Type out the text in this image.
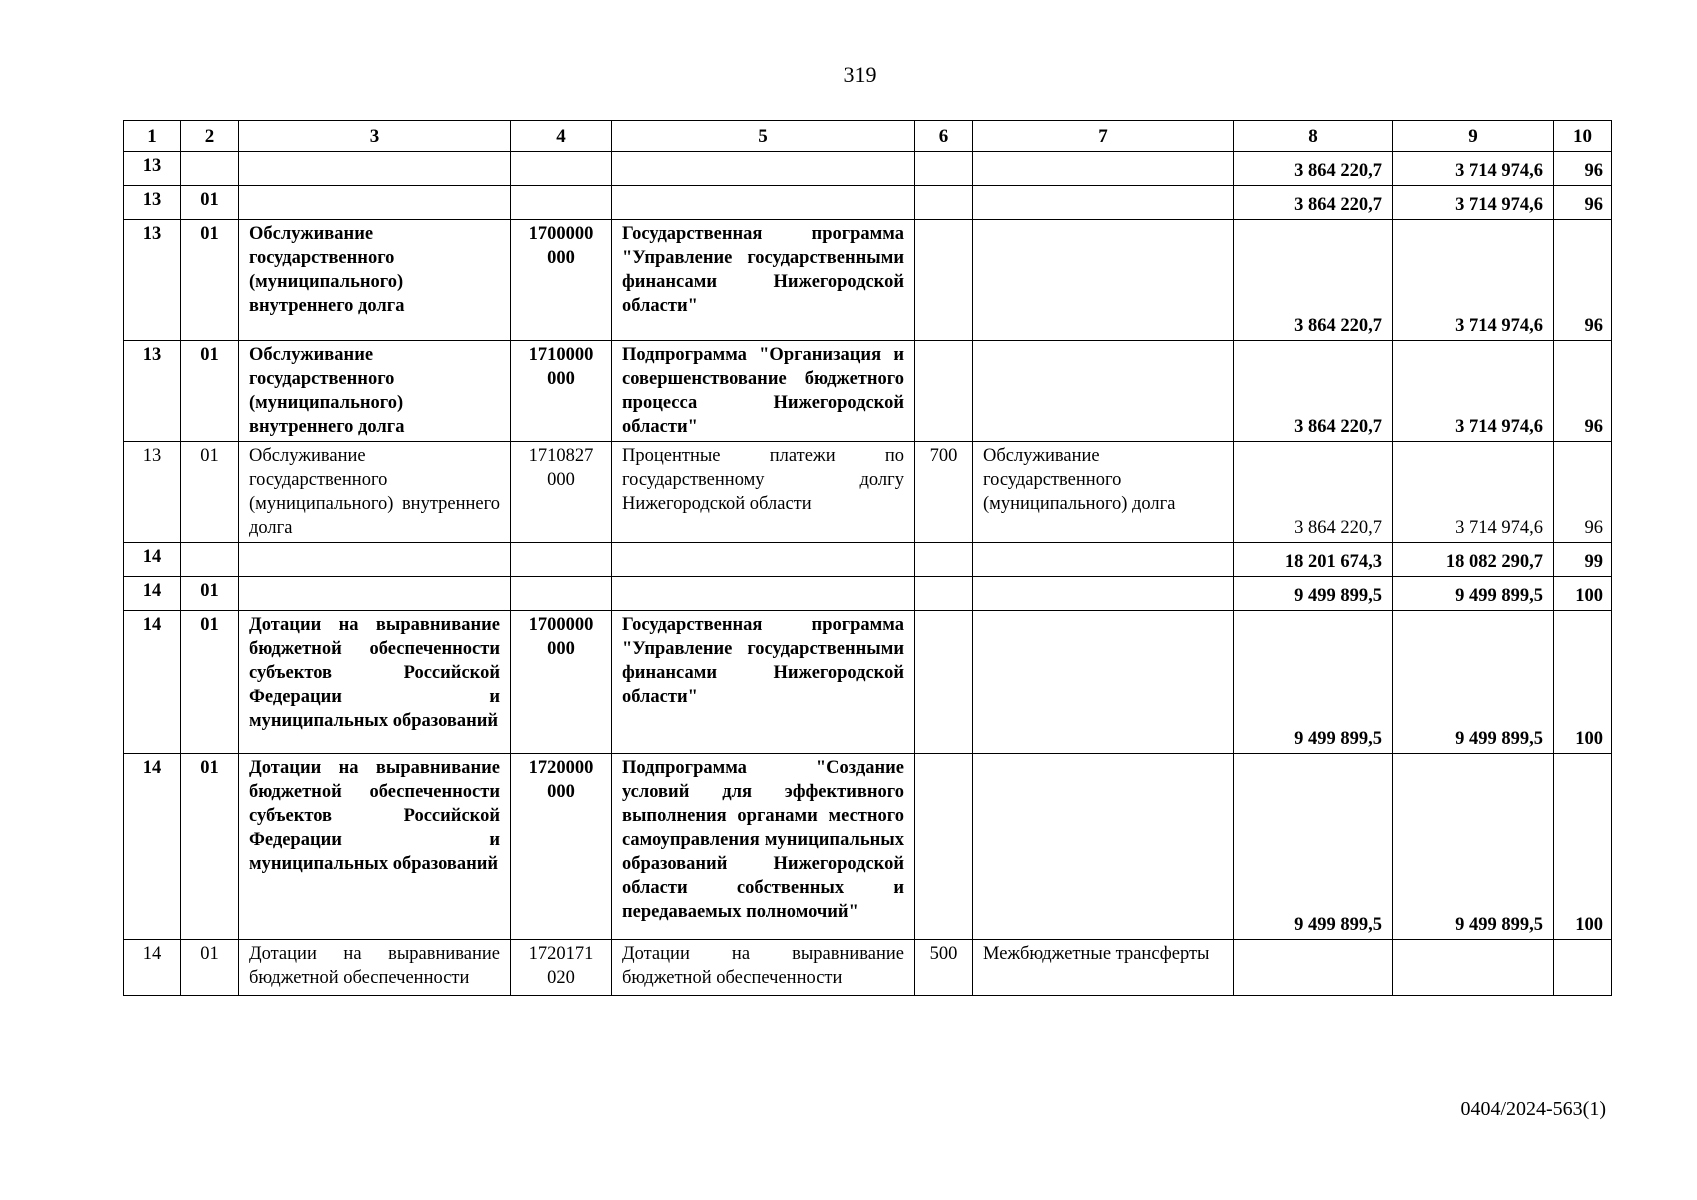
319
1	2	3	4	5	6	7	8	9	10
13							3 864 220,7	3 714 974,6	96
13	01						3 864 220,7	3 714 974,6	96
13	01	Обслуживание государственного (муниципального) внутреннего долга	1700000 000	Государственная программа "Управление государственными финансами Нижегородской области"			3 864 220,7	3 714 974,6	96
13	01	Обслуживание государственного (муниципального) внутреннего долга	1710000 000	Подпрограмма "Организация и совершенствование бюджетного процесса Нижегородской области"			3 864 220,7	3 714 974,6	96
13	01	Обслуживание государственного (муниципального) внутреннего долга	1710827 000	Процентные платежи по государственному долгу Нижегородской области	700	Обслуживание государственного (муниципального) долга	3 864 220,7	3 714 974,6	96
14							18 201 674,3	18 082 290,7	99
14	01						9 499 899,5	9 499 899,5	100
14	01	Дотации на выравнивание бюджетной обеспеченности субъектов Российской Федерации и муниципальных образований	1700000 000	Государственная программа "Управление государственными финансами Нижегородской области"			9 499 899,5	9 499 899,5	100
14	01	Дотации на выравнивание бюджетной обеспеченности субъектов Российской Федерации и муниципальных образований	1720000 000	Подпрограмма "Создание условий для эффективного выполнения органами местного самоуправления муниципальных образований Нижегородской области собственных и передаваемых полномочий"			9 499 899,5	9 499 899,5	100
14	01	Дотации на выравнивание бюджетной обеспеченности	1720171 020	Дотации на выравнивание бюджетной обеспеченности	500	Межбюджетные трансферты			
0404/2024-563(1)
